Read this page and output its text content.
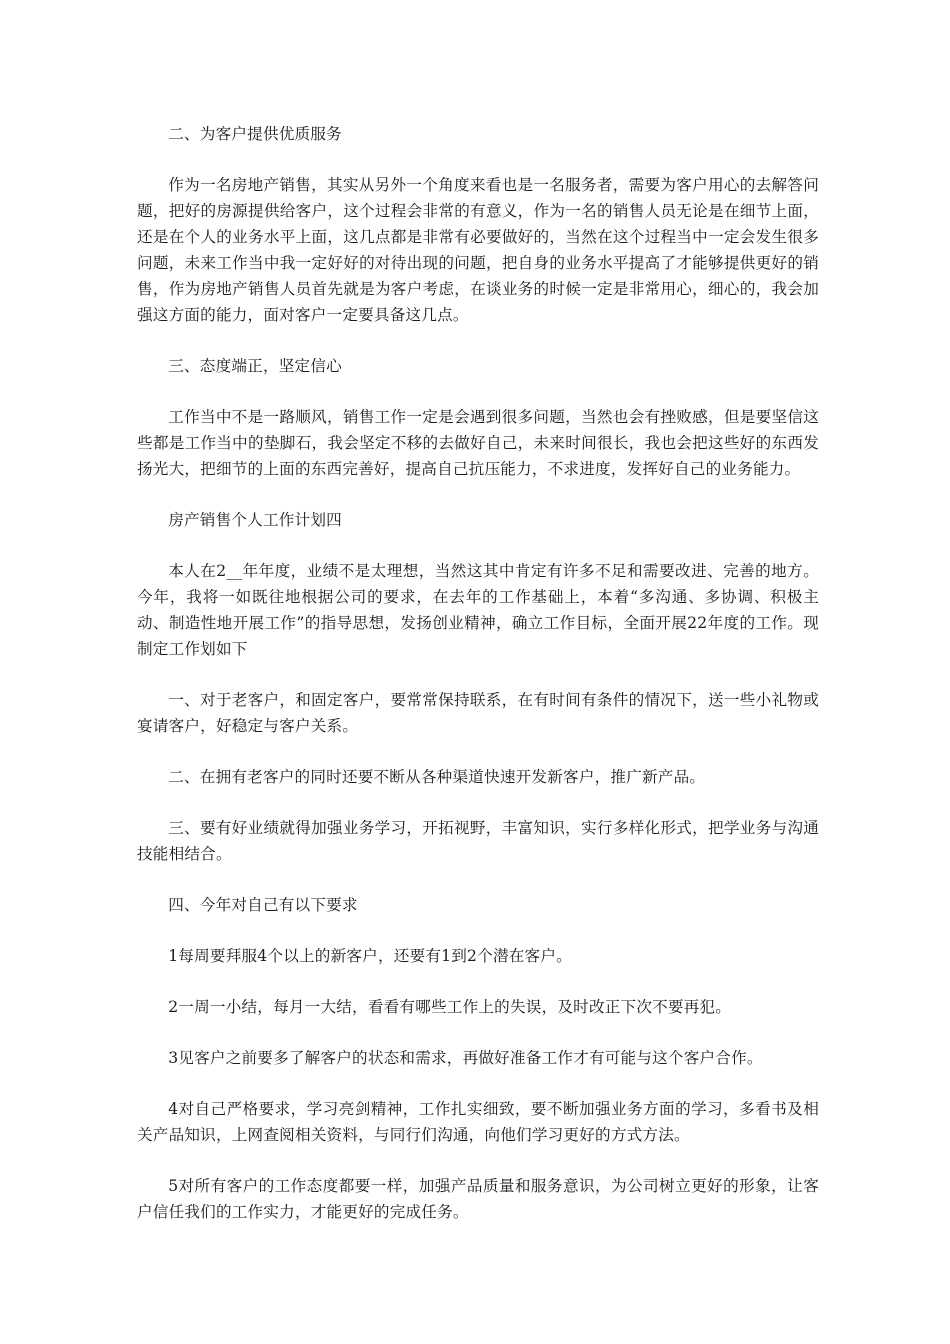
二、为客户提供优质服务

作为一名房地产销售，其实从另外一个角度来看也是一名服务者，需要为客户用心的去解答问题，把好的房源提供给客户，这个过程会非常的有意义，作为一名的销售人员无论是在细节上面，还是在个人的业务水平上面，这几点都是非常有必要做好的，当然在这个过程当中一定会发生很多问题，未来工作当中我一定好好的对待出现的问题，把自身的业务水平提高了才能够提供更好的销售，作为房地产销售人员首先就是为客户考虑，在谈业务的时候一定是非常用心，细心的，我会加强这方面的能力，面对客户一定要具备这几点。

三、态度端正，坚定信心

工作当中不是一路顺风，销售工作一定是会遇到很多问题，当然也会有挫败感，但是要坚信这些都是工作当中的垫脚石，我会坚定不移的去做好自己，未来时间很长，我也会把这些好的东西发扬光大，把细节的上面的东西完善好，提高自己抗压能力，不求进度，发挥好自己的业务能力。

房产销售个人工作计划四

本人在2__年年度，业绩不是太理想，当然这其中肯定有许多不足和需要改进、完善的地方。今年，我将一如既往地根据公司的要求，在去年的工作基础上，本着“多沟通、多协调、积极主动、制造性地开展工作”的指导思想，发扬创业精神，确立工作目标，全面开展22年度的工作。现制定工作划如下

一、对于老客户，和固定客户，要常常保持联系，在有时间有条件的情况下，送一些小礼物或宴请客户，好稳定与客户关系。

二、在拥有老客户的同时还要不断从各种渠道快速开发新客户，推广新产品。

三、要有好业绩就得加强业务学习，开拓视野，丰富知识，实行多样化形式，把学业务与沟通技能相结合。

四、今年对自己有以下要求

1每周要拜服4个以上的新客户，还要有1到2个潜在客户。

2一周一小结，每月一大结，看看有哪些工作上的失误，及时改正下次不要再犯。

3见客户之前要多了解客户的状态和需求，再做好准备工作才有可能与这个客户合作。

4对自己严格要求，学习亮剑精神，工作扎实细致，要不断加强业务方面的学习，多看书及相关产品知识，上网查阅相关资料，与同行们沟通，向他们学习更好的方式方法。

5对所有客户的工作态度都要一样，加强产品质量和服务意识，为公司树立更好的形象，让客户信任我们的工作实力，才能更好的完成任务。
